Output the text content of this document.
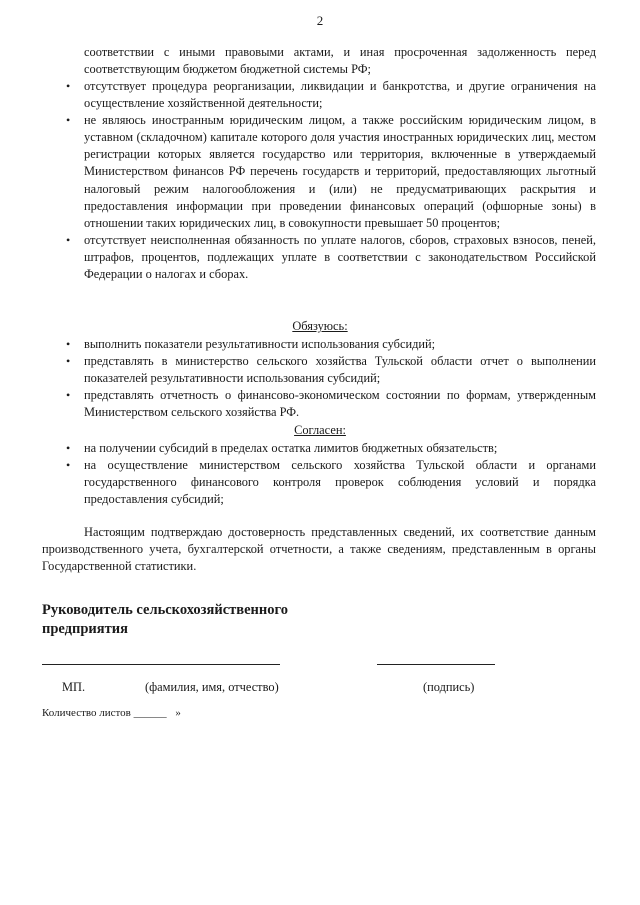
2

соответствии с иными правовыми актами, и иная просроченная задолженность перед соответствующим бюджетом бюджетной системы РФ;

• отсутствует процедура реорганизации, ликвидации и банкротства, и другие ограничения на осуществление хозяйственной деятельности;
• не являюсь иностранным юридическим лицом, а также российским юридическим лицом, в уставном (складочном) капитале которого доля участия иностранных юридических лиц, местом регистрации которых является государство или территория, включенные в утверждаемый Министерством финансов РФ перечень государств и территорий, предоставляющих льготный налоговый режим налогообложения и (или) не предусматривающих раскрытия и предоставления информации при проведении финансовых операций (офшорные зоны) в отношении таких юридических лиц, в совокупности превышает 50 процентов;
• отсутствует неисполненная обязанность по уплате налогов, сборов, страховых взносов, пеней, штрафов, процентов, подлежащих уплате в соответствии с законодательством Российской Федерации о налогах и сборах.
Обязуюсь:
• выполнить показатели результативности использования субсидий;
• представлять в министерство сельского хозяйства Тульской области отчет о выполнении показателей результативности использования субсидий;
• представлять отчетность о финансово-экономическом состоянии по формам, утвержденным Министерством сельского хозяйства РФ.
Согласен:
• на получении субсидий в пределах остатка лимитов бюджетных обязательств;
• на осуществление министерством сельского хозяйства Тульской области и органами государственного финансового контроля проверок соблюдения условий и порядка предоставления субсидий;

Настоящим подтверждаю достоверность представленных сведений, их соответствие данным производственного учета, бухгалтерской отчетности, а также сведениям, представленным в органы Государственной статистики.

Руководитель сельскохозяйственного предприятия

МП.	(фамилия, имя, отчество)	(подпись)
Количество листов ______ »
